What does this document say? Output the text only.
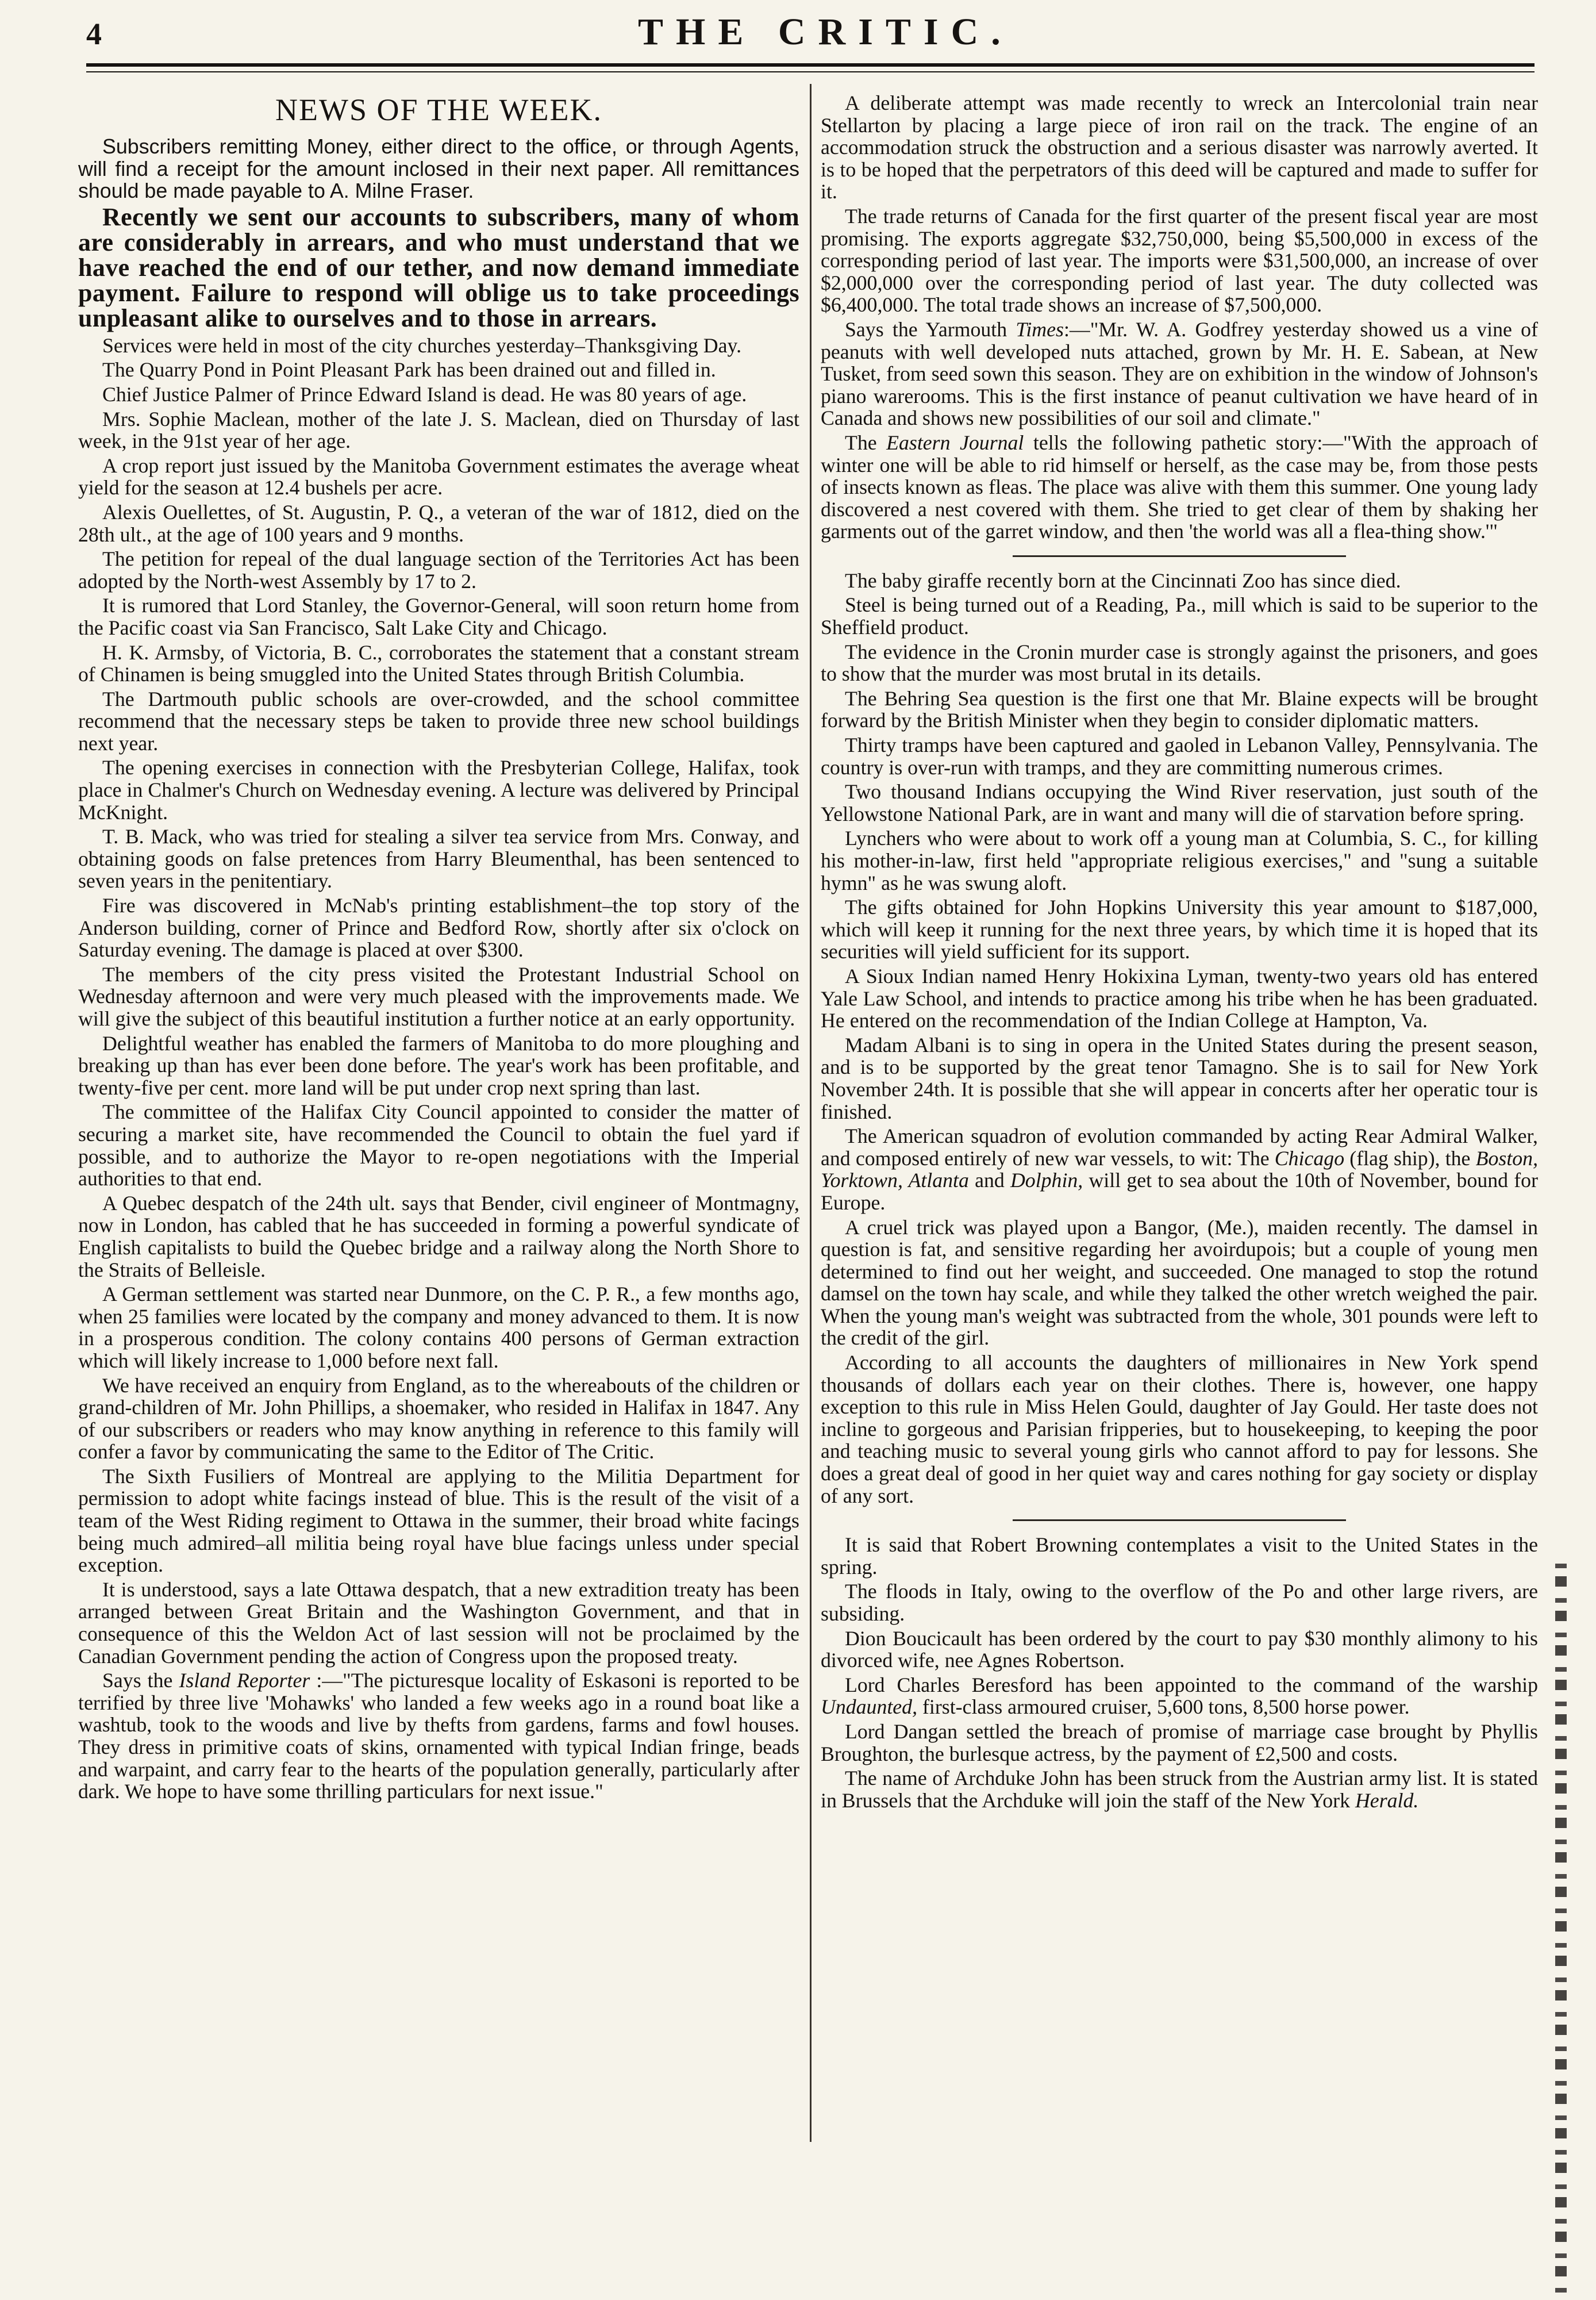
4	THE CRITIC.
NEWS OF THE WEEK.

Subscribers remitting Money, either direct to the office, or through Agents, will find a receipt for the amount inclosed in their next paper. All remittances should be made payable to A. Milne Fraser.

Recently we sent our accounts to subscribers, many of whom are considerably in arrears, and who must understand that we have reached the end of our tether, and now demand immediate payment. Failure to respond will oblige us to take proceedings unpleasant alike to ourselves and to those in arrears.

Services were held in most of the city churches yesterday–Thanksgiving Day.

The Quarry Pond in Point Pleasant Park has been drained out and filled in.

Chief Justice Palmer of Prince Edward Island is dead. He was 80 years of age.

Mrs. Sophie Maclean, mother of the late J. S. Maclean, died on Thursday of last week, in the 91st year of her age.

A crop report just issued by the Manitoba Government estimates the average wheat yield for the season at 12.4 bushels per acre.

Alexis Ouellettes, of St. Augustin, P. Q., a veteran of the war of 1812, died on the 28th ult., at the age of 100 years and 9 months.

The petition for repeal of the dual language section of the Territories Act has been adopted by the North-west Assembly by 17 to 2.

It is rumored that Lord Stanley, the Governor-General, will soon return home from the Pacific coast via San Francisco, Salt Lake City and Chicago.

H. K. Armsby, of Victoria, B. C., corroborates the statement that a constant stream of Chinamen is being smuggled into the United States through British Columbia.

The Dartmouth public schools are over-crowded, and the school committee recommend that the necessary steps be taken to provide three new school buildings next year.

The opening exercises in connection with the Presbyterian College, Halifax, took place in Chalmer's Church on Wednesday evening. A lecture was delivered by Principal McKnight.

T. B. Mack, who was tried for stealing a silver tea service from Mrs. Conway, and obtaining goods on false pretences from Harry Bleumenthal, has been sentenced to seven years in the penitentiary.

Fire was discovered in McNab's printing establishment–the top story of the Anderson building, corner of Prince and Bedford Row, shortly after six o'clock on Saturday evening. The damage is placed at over $300.

The members of the city press visited the Protestant Industrial School on Wednesday afternoon and were very much pleased with the improvements made. We will give the subject of this beautiful institution a further notice at an early opportunity.

Delightful weather has enabled the farmers of Manitoba to do more ploughing and breaking up than has ever been done before. The year's work has been profitable, and twenty-five per cent. more land will be put under crop next spring than last.

The committee of the Halifax City Council appointed to consider the matter of securing a market site, have recommended the Council to obtain the fuel yard if possible, and to authorize the Mayor to re-open negotiations with the Imperial authorities to that end.

A Quebec despatch of the 24th ult. says that Bender, civil engineer of Montmagny, now in London, has cabled that he has succeeded in forming a powerful syndicate of English capitalists to build the Quebec bridge and a railway along the North Shore to the Straits of Belleisle.

A German settlement was started near Dunmore, on the C. P. R., a few months ago, when 25 families were located by the company and money advanced to them. It is now in a prosperous condition. The colony contains 400 persons of German extraction which will likely increase to 1,000 before next fall.

We have received an enquiry from England, as to the whereabouts of the children or grand-children of Mr. John Phillips, a shoemaker, who resided in Halifax in 1847. Any of our subscribers or readers who may know anything in reference to this family will confer a favor by communicating the same to the Editor of The Critic.

The Sixth Fusiliers of Montreal are applying to the Militia Department for permission to adopt white facings instead of blue. This is the result of the visit of a team of the West Riding regiment to Ottawa in the summer, their broad white facings being much admired–all militia being royal have blue facings unless under special exception.

It is understood, says a late Ottawa despatch, that a new extradition treaty has been arranged between Great Britain and the Washington Government, and that in consequence of this the Weldon Act of last session will not be proclaimed by the Canadian Government pending the action of Congress upon the proposed treaty.

Says the Island Reporter :—"The picturesque locality of Eskasoni is reported to be terrified by three live 'Mohawks' who landed a few weeks ago in a round boat like a washtub, took to the woods and live by thefts from gardens, farms and fowl houses. They dress in primitive coats of skins, ornamented with typical Indian fringe, beads and warpaint, and carry fear to the hearts of the population generally, particularly after dark. We hope to have some thrilling particulars for next issue."

A deliberate attempt was made recently to wreck an Intercolonial train near Stellarton by placing a large piece of iron rail on the track. The engine of an accommodation struck the obstruction and a serious disaster was narrowly averted. It is to be hoped that the perpetrators of this deed will be captured and made to suffer for it.

The trade returns of Canada for the first quarter of the present fiscal year are most promising. The exports aggregate $32,750,000, being $5,500,000 in excess of the corresponding period of last year. The imports were $31,500,000, an increase of over $2,000,000 over the corresponding period of last year. The duty collected was $6,400,000. The total trade shows an increase of $7,500,000.

Says the Yarmouth Times:—"Mr. W. A. Godfrey yesterday showed us a vine of peanuts with well developed nuts attached, grown by Mr. H. E. Sabean, at New Tusket, from seed sown this season. They are on exhibition in the window of Johnson's piano warerooms. This is the first instance of peanut cultivation we have heard of in Canada and shows new possibilities of our soil and climate."

The Eastern Journal tells the following pathetic story:—"With the approach of winter one will be able to rid himself or herself, as the case may be, from those pests of insects known as fleas. The place was alive with them this summer. One young lady discovered a nest covered with them. She tried to get clear of them by shaking her garments out of the garret window, and then 'the world was all a flea-thing show.'"

The baby giraffe recently born at the Cincinnati Zoo has since died.

Steel is being turned out of a Reading, Pa., mill which is said to be superior to the Sheffield product.

The evidence in the Cronin murder case is strongly against the prisoners, and goes to show that the murder was most brutal in its details.

The Behring Sea question is the first one that Mr. Blaine expects will be brought forward by the British Minister when they begin to consider diplomatic matters.

Thirty tramps have been captured and gaoled in Lebanon Valley, Pennsylvania. The country is over-run with tramps, and they are committing numerous crimes.

Two thousand Indians occupying the Wind River reservation, just south of the Yellowstone National Park, are in want and many will die of starvation before spring.

Lynchers who were about to work off a young man at Columbia, S. C., for killing his mother-in-law, first held "appropriate religious exercises," and "sung a suitable hymn" as he was swung aloft.

The gifts obtained for John Hopkins University this year amount to $187,000, which will keep it running for the next three years, by which time it is hoped that its securities will yield sufficient for its support.

A Sioux Indian named Henry Hokixina Lyman, twenty-two years old has entered Yale Law School, and intends to practice among his tribe when he has been graduated. He entered on the recommendation of the Indian College at Hampton, Va.

Madam Albani is to sing in opera in the United States during the present season, and is to be supported by the great tenor Tamagno. She is to sail for New York November 24th. It is possible that she will appear in concerts after her operatic tour is finished.

The American squadron of evolution commanded by acting Rear Admiral Walker, and composed entirely of new war vessels, to wit: The Chicago (flag ship), the Boston, Yorktown, Atlanta and Dolphin, will get to sea about the 10th of November, bound for Europe.

A cruel trick was played upon a Bangor, (Me.), maiden recently. The damsel in question is fat, and sensitive regarding her avoirdupois; but a couple of young men determined to find out her weight, and succeeded. One managed to stop the rotund damsel on the town hay scale, and while they talked the other wretch weighed the pair. When the young man's weight was subtracted from the whole, 301 pounds were left to the credit of the girl.

According to all accounts the daughters of millionaires in New York spend thousands of dollars each year on their clothes. There is, however, one happy exception to this rule in Miss Helen Gould, daughter of Jay Gould. Her taste does not incline to gorgeous and Parisian fripperies, but to housekeeping, to keeping the poor and teaching music to several young girls who cannot afford to pay for lessons. She does a great deal of good in her quiet way and cares nothing for gay society or display of any sort.

It is said that Robert Browning contemplates a visit to the United States in the spring.

The floods in Italy, owing to the overflow of the Po and other large rivers, are subsiding.

Dion Boucicault has been ordered by the court to pay $30 monthly alimony to his divorced wife, nee Agnes Robertson.

Lord Charles Beresford has been appointed to the command of the warship Undaunted, first-class armoured cruiser, 5,600 tons, 8,500 horse power.

Lord Dangan settled the breach of promise of marriage case brought by Phyllis Broughton, the burlesque actress, by the payment of £2,500 and costs.

The name of Archduke John has been struck from the Austrian army list. It is stated in Brussels that the Archduke will join the staff of the New York Herald.
